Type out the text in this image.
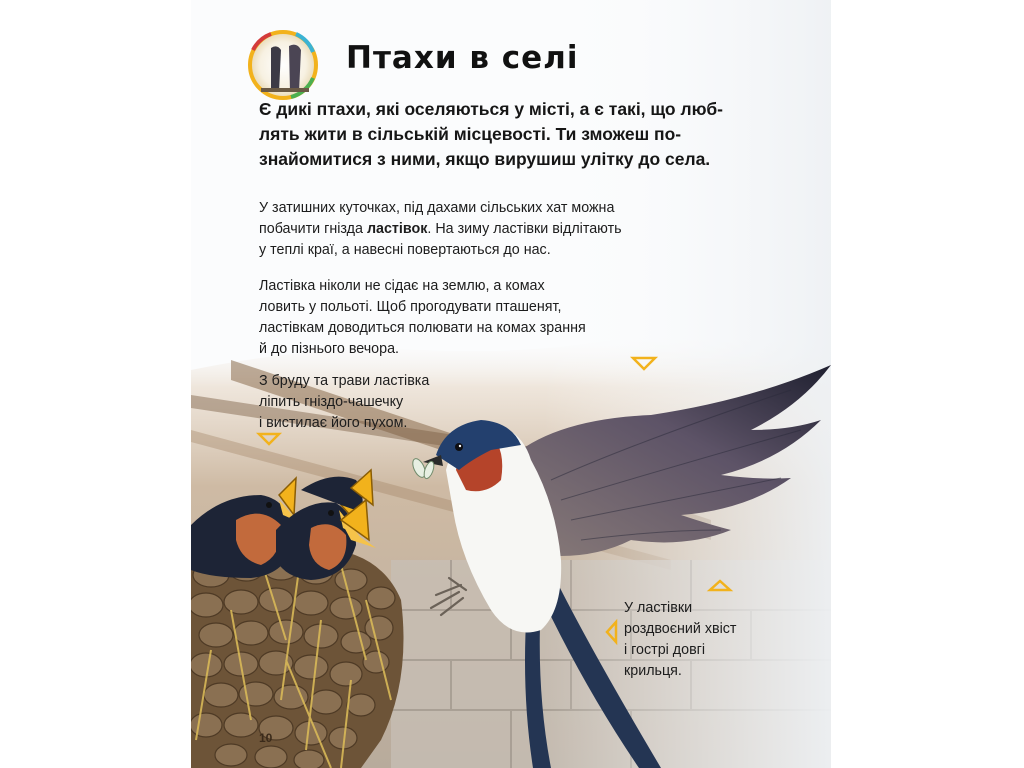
Птахи в селі
Є дикі птахи, які оселяються у місті, а є такі, що люб-
лять жити в сільській місцевості. Ти зможеш по-
знайомитися з ними, якщо вирушиш улітку до села.
У затишних куточках, під дахами сільських хат можна
побачити гнізда ластівок. На зиму ластівки відлітають
у теплі краї, а навесні повертаються до нас.
Ластівка ніколи не сідає на землю, а комах
ловить у польоті. Щоб прогодувати пташенят,
ластівкам доводиться полювати на комах зрання
й до пізнього вечора.
З бруду та трави ластівка
ліпить гніздо-чашечку
і вистилає його пухом.
У ластівки
роздвоєний хвіст
і гострі довгі
крильця.
10
